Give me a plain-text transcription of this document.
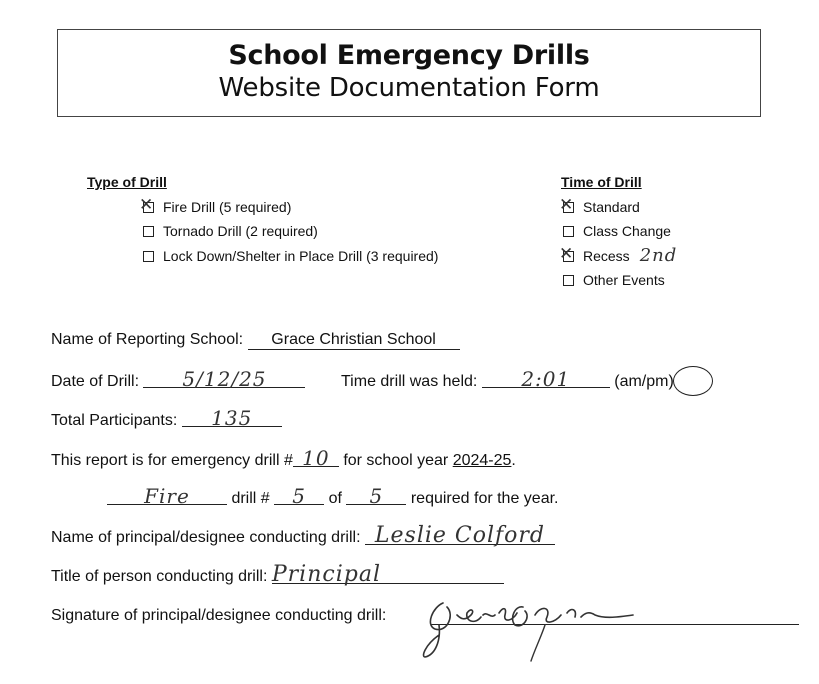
School Emergency Drills
Website Documentation Form
Type of Drill
✕ Fire Drill (5 required)
Tornado Drill (2 required)
Lock Down/Shelter in Place Drill (3 required)
Time of Drill
✕ Standard
Class Change
✕ Recess 2nd
Other Events
Name of Reporting School: Grace Christian School
Date of Drill: 5/12/25	Time drill was held: 2:01	(am/pm)
Total Participants: 135
This report is for emergency drill # 10 for school year 2024-25.
Fire	drill # 5 of 5 required for the year.
Name of principal/designee conducting drill: Leslie Colford
Title of person conducting drill: Principal
Signature of principal/designee conducting drill:
